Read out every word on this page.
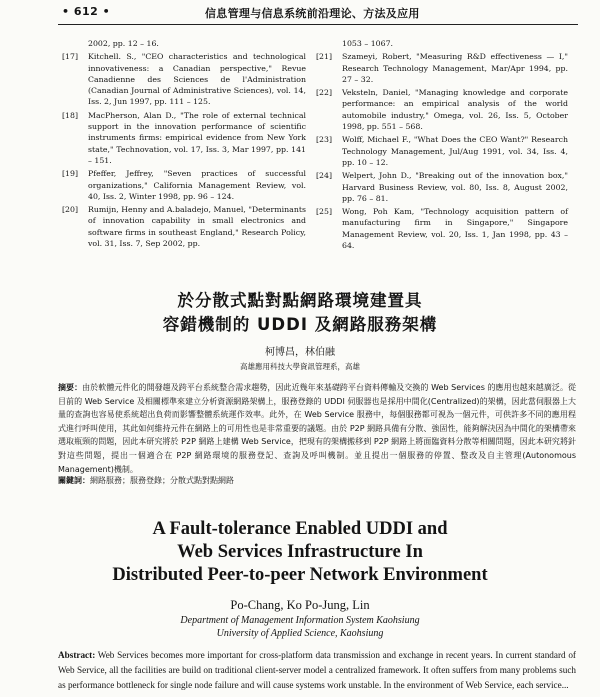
• 612 •	信息管理与信息系统前沿理论、方法及应用
2002, pp. 12 – 16.
[17] Kitchell. S., "CEO characteristics and technological innovativeness: a Canadian perspective," Revue Canadienne des Sciences de l'Administration (Canadian Journal of Administrative Sciences), vol. 14, Iss. 2, Jun 1997, pp. 111 – 125.
[18] MacPherson, Alan D., "The role of external technical support in the innovation performance of scientific instruments firms: empirical evidence from New York state," Technovation, vol. 17, Iss. 3, Mar 1997, pp. 141 – 151.
[19] Pfeffer, Jeffrey, "Seven practices of successful organizations," California Management Review, vol. 40, Iss. 2, Winter 1998, pp. 96 – 124.
[20] Rumijn, Henny and A.baladejo, Manuel, "Determinants of innovation capability in small electronics and software firms in southeast England," Research Policy, vol. 31, Iss. 7, Sep 2002, pp.
1053 – 1067.
[21] Szameyi, Robert, "Measuring R&D effectiveness — I," Research Technology Management, Mar/Apr 1994, pp. 27 – 32.
[22] Veksteln, Daniel, "Managing knowledge and corporate performance: an empirical analysis of the world automobile industry," Omega, vol. 26, Iss. 5, October 1998, pp. 551 – 568.
[23] Wolff, Michael F., "What Does the CEO Want?" Research Technology Management, Jul/Aug 1991, vol. 34, Iss. 4, pp. 10 – 12.
[24] Welpert, John D., "Breaking out of the innovation box," Harvard Business Review, vol. 80, Iss. 8, August 2002, pp. 76 – 81.
[25] Wong, Poh Kam, "Technology acquisition pattern of manufacturing firm in Singapore," Singapore Management Review, vol. 20, Iss. 1, Jan 1998, pp. 43 – 64.
於分散式點對點網路環境建置具
容錯機制的 UDDI 及網路服務架構
柯博昌，林伯融
高雄應用科技大學資訊管理系，高雄
摘要：由於軟體元件化的開發趨及跨平台系統整合需求趨勢，因此近幾年來基礎跨平台資料傳輸及交換的 Web Services 的應用也越來越廣泛。從目前的 Web Service 及相關標準來建立分析資源網路架構上，服務登錄的 UDDI 伺服器也是採用中間化(Centralized)的架構，因此當伺服器上大量的查詢也容易使系統超出負荷而影響整體系統運作效率。此外，在 Web Service 服務中，每個服務都可視為一個元件，可供許多不同的應用程式進行呼叫使用，其此如何維持元件在網路上的可用性也是非常重要的議題。由於 P2P 網路具備有分散、強固性，能夠解決因為中間化的架構帶來選取瓶頸的問題，因此本研究將於 P2P 網路上建構 Web Service，把現有的架構搬移到 P2P 網路上將面臨資料分散等相關問題，因此本研究將針對這些問題，提出一個適合在 P2P 網路環境的服務登記、查詢及呼叫機制。並且提出一個服務的停置、整改及自主管理(Autonomous Management)機制。
關鍵詞：網路服務；服務登錄；分散式點對點網路
A Fault-tolerance Enabled UDDI and
Web Services Infrastructure In
Distributed Peer-to-peer Network Environment
Po-Chang, Ko Po-Jung, Lin
Department of Management Information System Kaohsiung
University of Applied Science, Kaohsiung
Abstract: Web Services becomes more important for cross-platform data transmission and exchange in recent years. In current standard of Web Service, all the facilities are build on traditional client-server model a centralized framework. It often suffers from many problems such as performance bottleneck for single node failure and will cause systems work unstable. In the environment of Web Service, each service...
